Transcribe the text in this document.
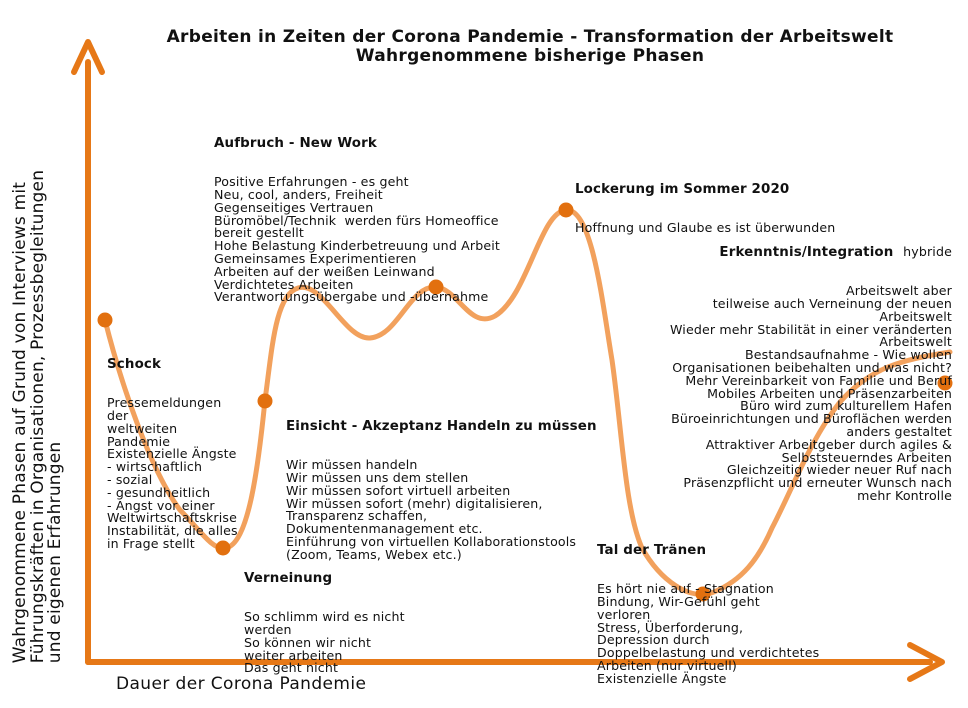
Arbeiten in Zeiten der Corona Pandemie - Transformation der Arbeitswelt
Wahrgenommene bisherige Phasen
Wahrgenommene Phasen auf Grund von Interviews mit
Führungskräften in Organisationen, Prozessbegleitungen
und eigenen Erfahrungen
Dauer der Corona Pandemie

Schock

Pressemeldungen
der
weltweiten
Pandemie
Existenzielle Ängste
- wirtschaftlich
- sozial
- gesundheitlich
- Angst vor einer
Weltwirtschaftskrise
Instabilität, die alles
in Frage stellt

Verneinung

So schlimm wird es nicht
werden
So können wir nicht
weiter arbeiten
Das geht nicht

Einsicht - Akzeptanz Handeln zu müssen

Wir müssen handeln
Wir müssen uns dem stellen
Wir müssen sofort virtuell arbeiten
Wir müssen sofort (mehr) digitalisieren,
Transparenz schaffen,
Dokumentenmanagement etc.
Einführung von virtuellen Kollaborationstools
(Zoom, Teams, Webex etc.)

Aufbruch - New Work

Positive Erfahrungen - es geht
Neu, cool, anders, Freiheit
Gegenseitiges Vertrauen
Büromöbel/Technik  werden fürs Homeoffice
bereit gestellt
Hohe Belastung Kinderbetreuung und Arbeit
Gemeinsames Experimentieren
Arbeiten auf der weißen Leinwand
Verdichtetes Arbeiten
Verantwortungsübergabe und -übernahme

Lockerung im Sommer 2020

Hoffnung und Glaube es ist überwunden

Tal der Tränen

Es hört nie auf - Stagnation
Bindung, Wir-Gefühl geht
verloren
Stress, Überforderung,
Depression durch
Doppelbelastung und verdichtetes
Arbeiten (nur virtuell)
Existenzielle Ängste

Erkenntnis/Integration hybride

Arbeitswelt aber
teilweise auch Verneinung der neuen
Arbeitswelt
Wieder mehr Stabilität in einer veränderten
Arbeitswelt
Bestandsaufnahme - Wie wollen
Organisationen beibehalten und was nicht?
Mehr Vereinbarkeit von Familie und Beruf
Mobiles Arbeiten und Präsenzarbeiten
Büro wird zum kulturellem Hafen
Büroeinrichtungen und Büroflächen werden
anders gestaltet
Attraktiver Arbeitgeber durch agiles &
Selbststeuerndes Arbeiten
Gleichzeitig wieder neuer Ruf nach
Präsenzpflicht und erneuter Wunsch nach
mehr Kontrolle
